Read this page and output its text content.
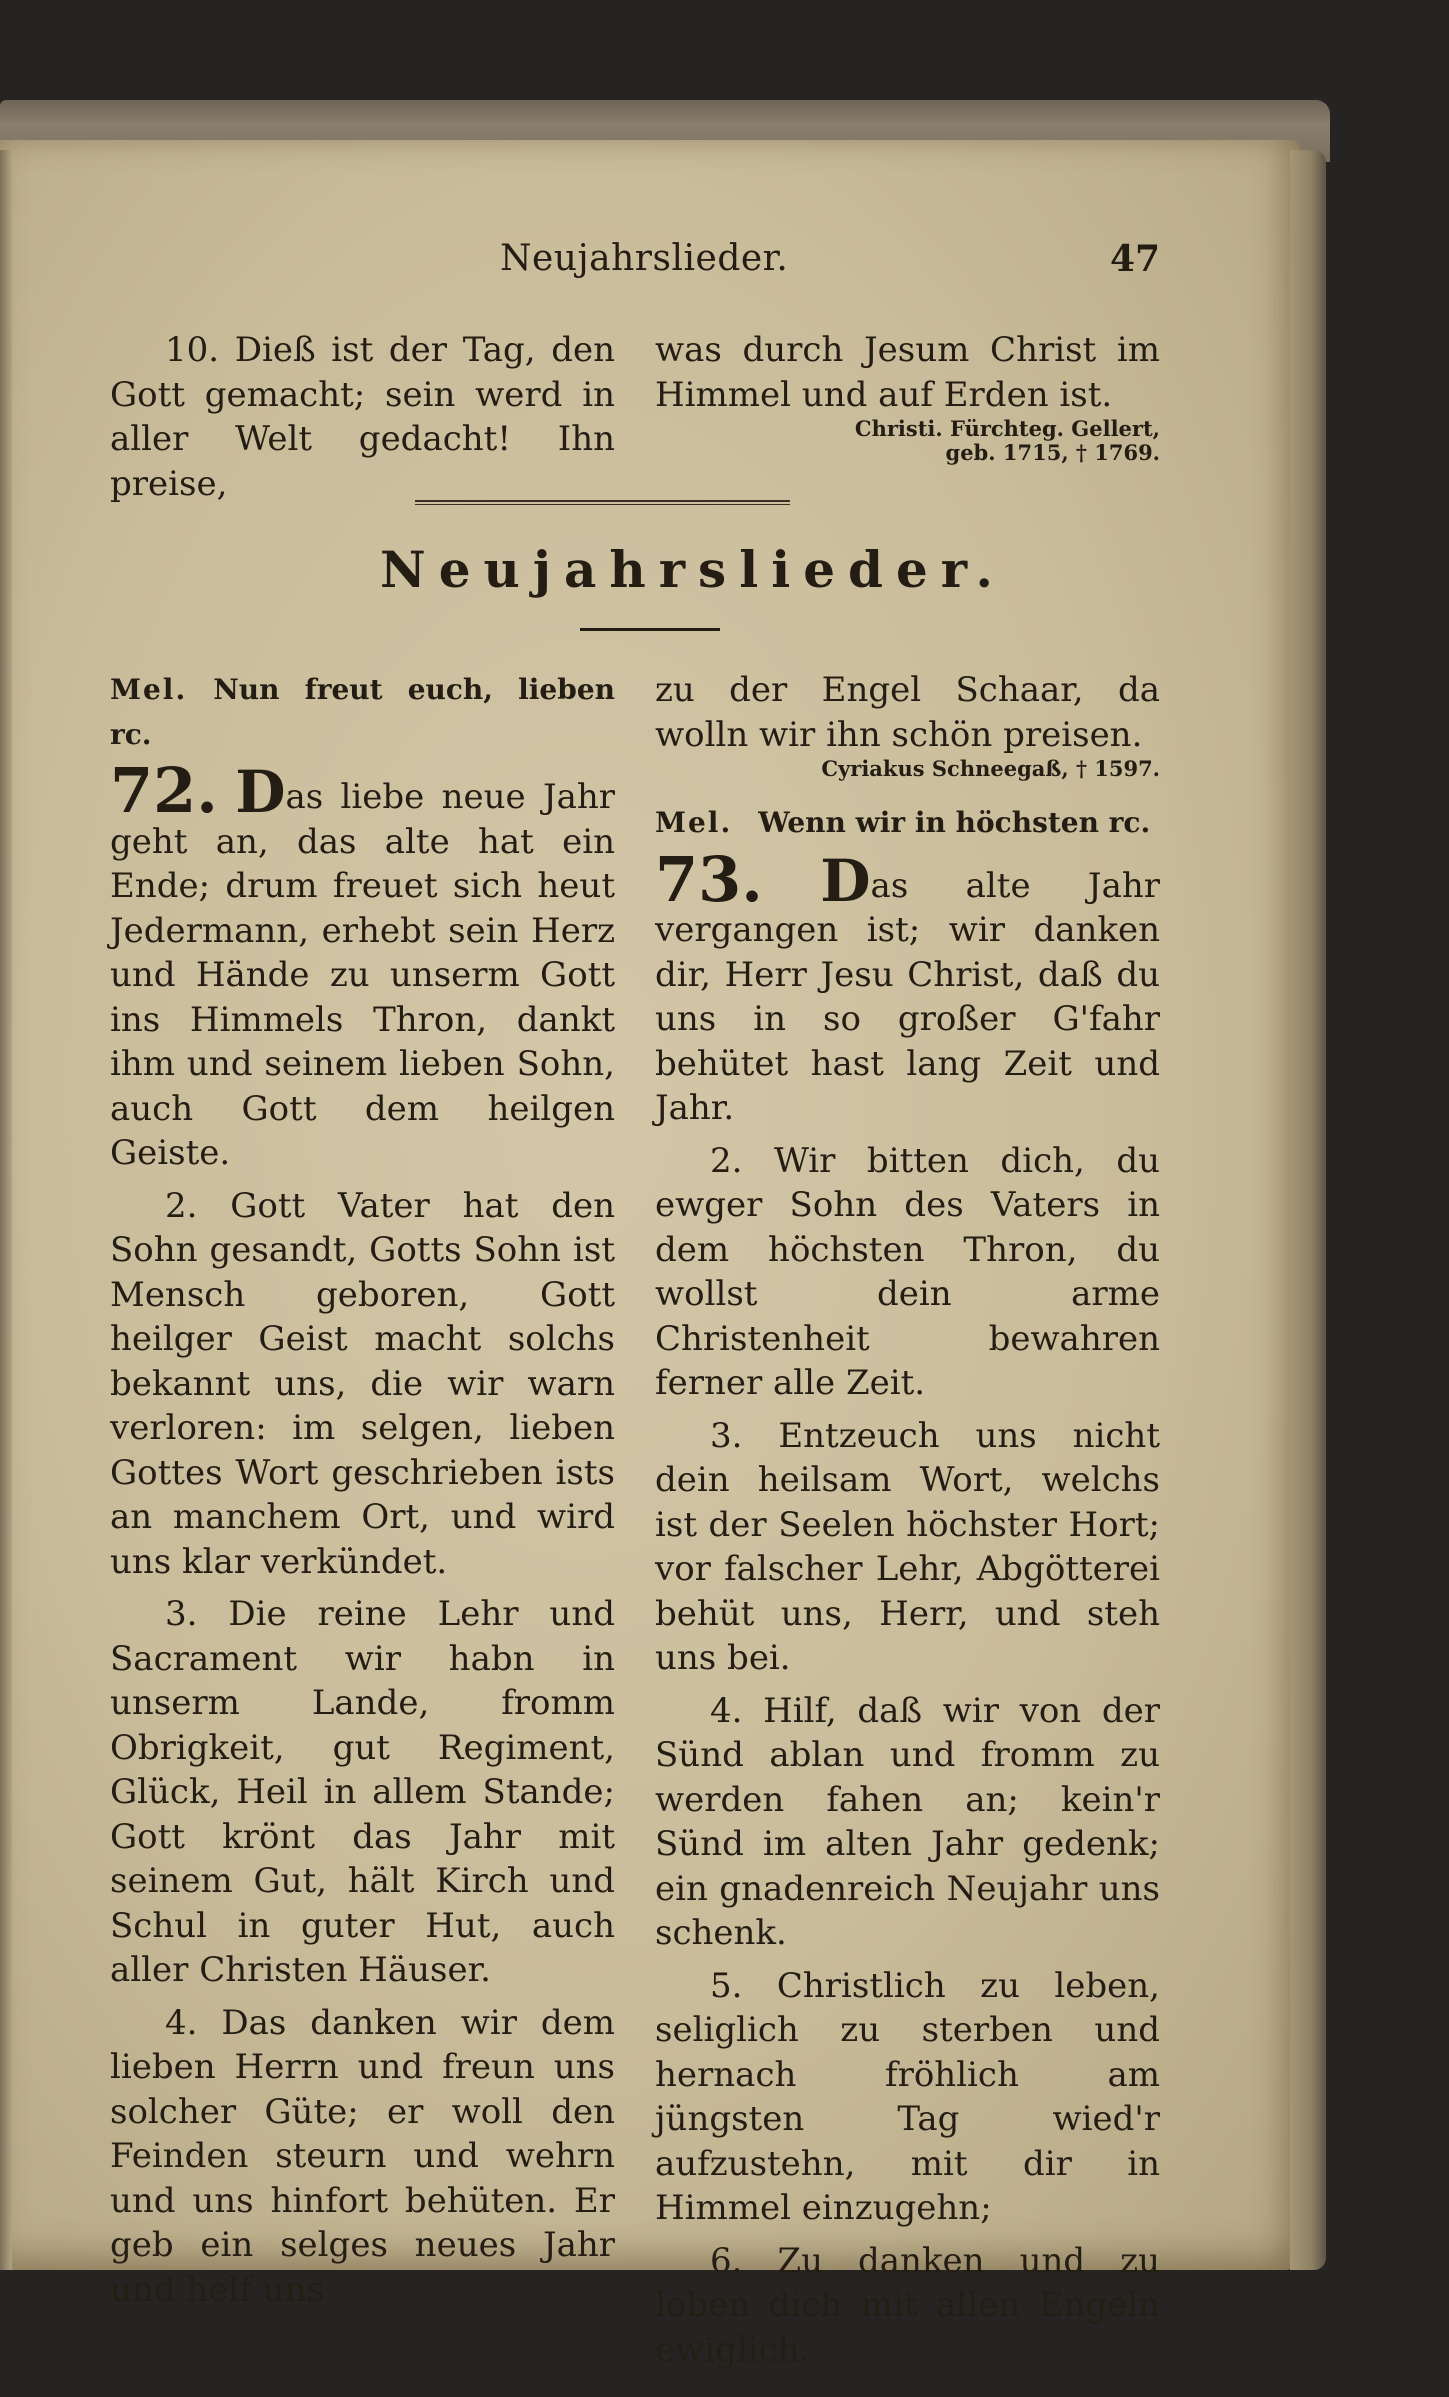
Neujahrslieder.	47

10. Dieß ist der Tag, den Gott gemacht; sein werd in aller Welt gedacht! Ihn preise,

was durch Jesum Christ im Himmel und auf Erden ist.

Christi. Fürchteg. Gellert,
geb. 1715, † 1769.
Neujahrslieder.
Mel. Nun freut euch, lieben rc.

72. Das liebe neue Jahr geht an, das alte hat ein Ende; drum freuet sich heut Jedermann, erhebt sein Herz und Hände zu unserm Gott ins Himmels Thron, dankt ihm und seinem lieben Sohn, auch Gott dem heilgen Geiste.

2. Gott Vater hat den Sohn gesandt, Gotts Sohn ist Mensch geboren, Gott heilger Geist macht solchs bekannt uns, die wir warn verloren: im selgen, lieben Gottes Wort geschrieben ists an manchem Ort, und wird uns klar verkündet.

3. Die reine Lehr und Sacrament wir habn in unserm Lande, fromm Obrigkeit, gut Regiment, Glück, Heil in allem Stande; Gott krönt das Jahr mit seinem Gut, hält Kirch und Schul in guter Hut, auch aller Christen Häuser.

4. Das danken wir dem lieben Herrn und freun uns solcher Güte; er woll den Feinden steurn und wehrn und uns hinfort behüten. Er geb ein selges neues Jahr und helf uns

zu der Engel Schaar, da wolln wir ihn schön preisen.

Cyriakus Schneegaß, † 1597.
Mel. Wenn wir in höchsten rc.

73. Das alte Jahr vergangen ist; wir danken dir, Herr Jesu Christ, daß du uns in so großer G'fahr behütet hast lang Zeit und Jahr.

2. Wir bitten dich, du ewger Sohn des Vaters in dem höchsten Thron, du wollst dein arme Christenheit bewahren ferner alle Zeit.

3. Entzeuch uns nicht dein heilsam Wort, welchs ist der Seelen höchster Hort; vor falscher Lehr, Abgötterei behüt uns, Herr, und steh uns bei.

4. Hilf, daß wir von der Sünd ablan und fromm zu werden fahen an; kein'r Sünd im alten Jahr gedenk; ein gnadenreich Neujahr uns schenk.

5. Christlich zu leben, seliglich zu sterben und hernach fröhlich am jüngsten Tag wied'r aufzustehn, mit dir in Himmel einzugehn;

6. Zu danken und zu loben dich mit allen Engeln ewiglich.
